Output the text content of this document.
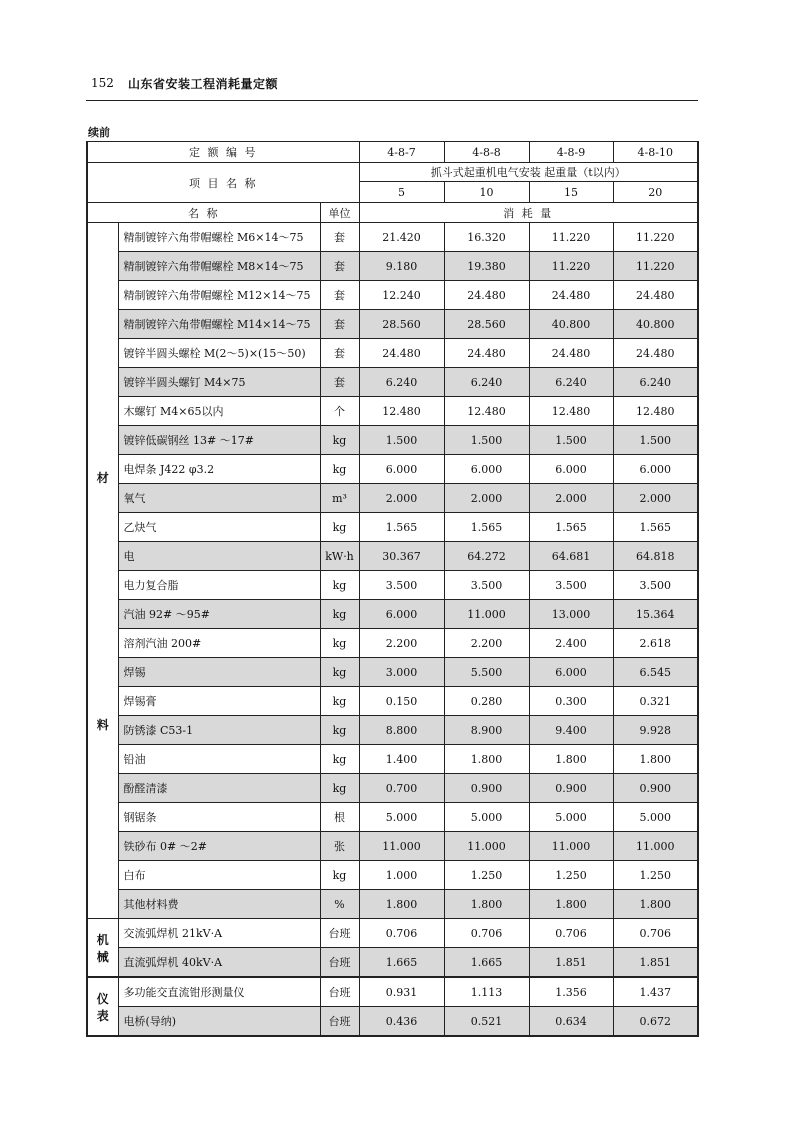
152 山东省安装工程消耗量定额
续前
定 额 编 号			4-8-7	4-8-8	4-8-9	4-8-10
项 目 名 称			抓斗式起重机电气安装 起重量（t以内）			
			5	10	15	20
名 称		单位	消 耗 量			

材
料	精制镀锌六角带帽螺栓 M6×14～75	套	21.420	16.320	11.220	11.220
	精制镀锌六角带帽螺栓 M8×14～75	套	9.180	19.380	11.220	11.220
	精制镀锌六角带帽螺栓 M12×14～75	套	12.240	24.480	24.480	24.480
	精制镀锌六角带帽螺栓 M14×14～75	套	28.560	28.560	40.800	40.800
	镀锌半圆头螺栓 M(2～5)×(15～50)	套	24.480	24.480	24.480	24.480
	镀锌半圆头螺钉 M4×75	套	6.240	6.240	6.240	6.240
	木螺钉 M4×65以内	个	12.480	12.480	12.480	12.480
	镀锌低碳钢丝 13# ～17#	kg	1.500	1.500	1.500	1.500
	电焊条 J422 φ3.2	kg	6.000	6.000	6.000	6.000
	氧气	m³	2.000	2.000	2.000	2.000
	乙炔气	kg	1.565	1.565	1.565	1.565
	电	kW·h	30.367	64.272	64.681	64.818
	电力复合脂	kg	3.500	3.500	3.500	3.500
	汽油 92# ～95#	kg	6.000	11.000	13.000	15.364
	溶剂汽油 200#	kg	2.200	2.200	2.400	2.618
	焊锡	kg	3.000	5.500	6.000	6.545
	焊锡膏	kg	0.150	0.280	0.300	0.321
	防锈漆 C53-1	kg	8.800	8.900	9.400	9.928
	铅油	kg	1.400	1.800	1.800	1.800
	酚醛清漆	kg	0.700	0.900	0.900	0.900
	钢锯条	根	5.000	5.000	5.000	5.000
	铁砂布 0# ～2#	张	11.000	11.000	11.000	11.000
	白布	kg	1.000	1.250	1.250	1.250
	其他材料费	%	1.800	1.800	1.800	1.800

机
械	交流弧焊机 21kV·A	台班	0.706	0.706	0.706	0.706
	直流弧焊机 40kV·A	台班	1.665	1.665	1.851	1.851

仪
表	多功能交直流钳形测量仪	台班	0.931	1.113	1.356	1.437
	电桥(导纳)	台班	0.436	0.521	0.634	0.672
